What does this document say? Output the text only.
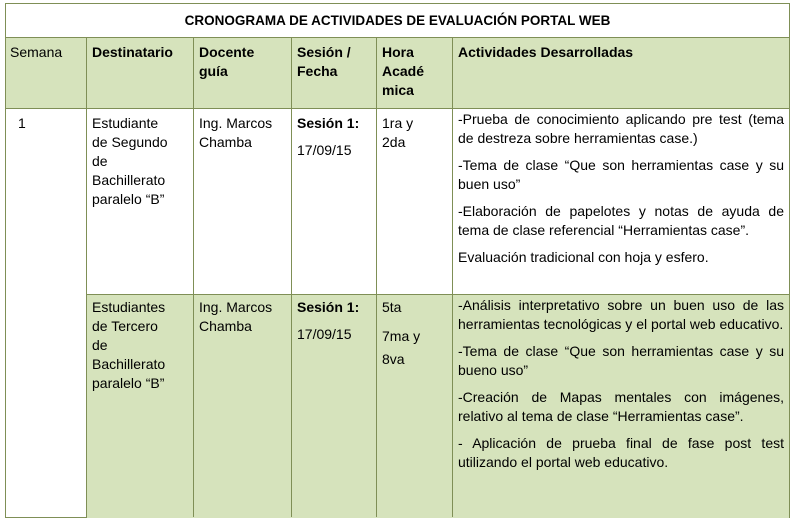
CRONOGRAMA DE ACTIVIDADES DE EVALUACIÓN PORTAL WEB
Semana Destinatario Docente

guía

Sesión /

Fecha

Hora

Acadé

mica

Actividades Desarrolladas
1	Estudiante

de Segundo

de

Bachillerato

paralelo “B”

Ing. Marcos

Chamba

Sesión 1:

17/09/15

1ra y

2da

-Prueba de conocimiento aplicando pre test (tema de destreza sobre herramientas case.)

-Tema de clase “Que son herramientas case y su buen uso”

-Elaboración de papelotes y notas de ayuda de tema de clase referencial “Herramientas case”.

Evaluación tradicional con hoja y esfero.

Estudiantes

de Tercero

de

Bachillerato

paralelo “B”

Ing. Marcos

Chamba

Sesión 1:

17/09/15

5ta

7ma y

8va

-Análisis interpretativo sobre un buen uso de las herramientas tecnológicas y el portal web educativo.

-Tema de clase “Que son herramientas case y su bueno uso”

-Creación de Mapas mentales con imágenes, relativo al tema de clase “Herramientas case”.

- Aplicación de prueba final de fase post test utilizando el portal web educativo.
